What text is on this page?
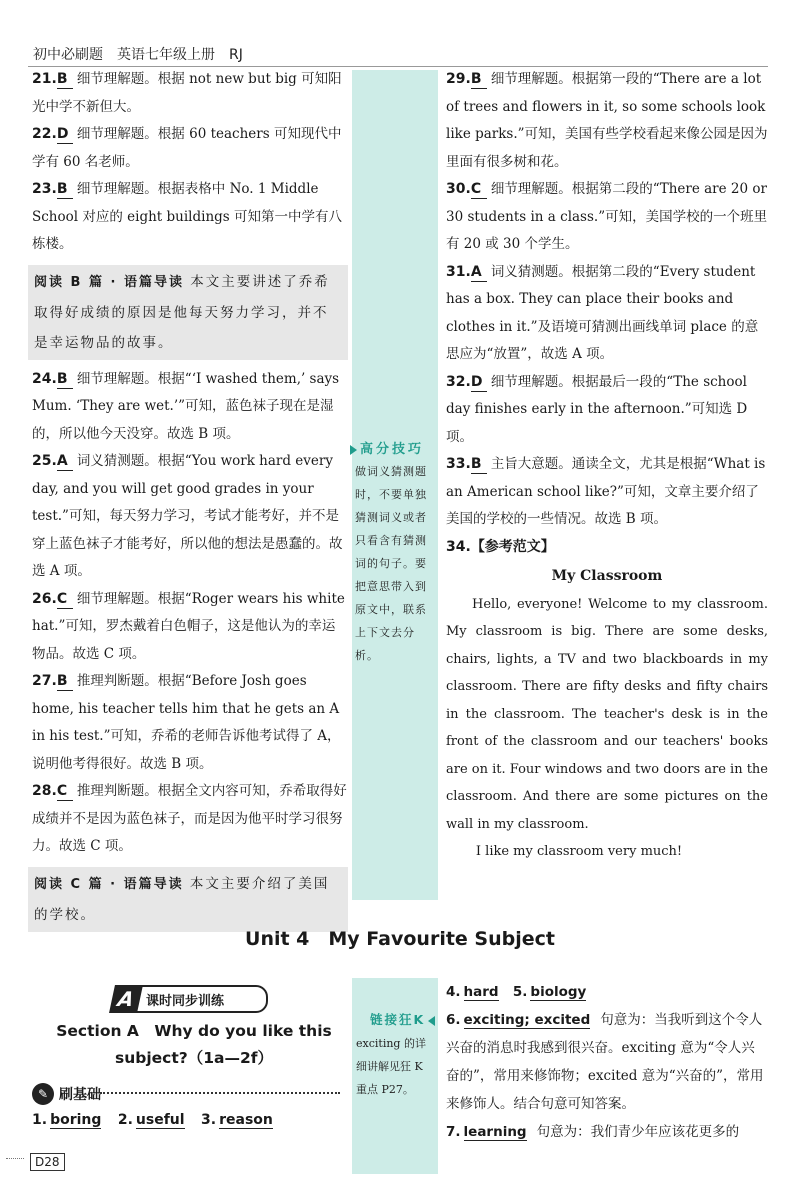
初中必刷题　英语七年级上册　RJ
高分技巧
做词义猜测题时，不要单独猜测词义或者只看含有猜测词的句子。要把意思带入到原文中，联系上下文去分析。

21.B 细节理解题。根据 not new but big 可知阳光中学不新但大。

22.D 细节理解题。根据 60 teachers 可知现代中学有 60 名老师。

23.B 细节理解题。根据表格中 No. 1 Middle School 对应的 eight buildings 可知第一中学有八栋楼。

阅读 B 篇 · 语篇导读 本文主要讲述了乔希取得好成绩的原因是他每天努力学习，并不是幸运物品的故事。

24.B 细节理解题。根据“‘I washed them,’ says Mum. ‘They are wet.’”可知，蓝色袜子现在是湿的，所以他今天没穿。故选 B 项。

25.A 词义猜测题。根据“You work hard every day, and you will get good grades in your test.”可知，每天努力学习，考试才能考好，并不是穿上蓝色袜子才能考好，所以他的想法是愚蠢的。故选 A 项。

26.C 细节理解题。根据“Roger wears his white hat.”可知，罗杰戴着白色帽子，这是他认为的幸运物品。故选 C 项。

27.B 推理判断题。根据“Before Josh goes home, his teacher tells him that he gets an A in his test.”可知，乔希的老师告诉他考试得了 A，说明他考得很好。故选 B 项。

28.C 推理判断题。根据全文内容可知，乔希取得好成绩并不是因为蓝色袜子，而是因为他平时学习很努力。故选 C 项。

阅读 C 篇 · 语篇导读 本文主要介绍了美国的学校。

29.B 细节理解题。根据第一段的“There are a lot of trees and flowers in it, so some schools look like parks.”可知，美国有些学校看起来像公园是因为里面有很多树和花。

30.C 细节理解题。根据第二段的“There are 20 or 30 students in a class.”可知，美国学校的一个班里有 20 或 30 个学生。

31.A 词义猜测题。根据第二段的“Every student has a box. They can place their books and clothes in it.”及语境可猜测出画线单词 place 的意思应为“放置”，故选 A 项。

32.D 细节理解题。根据最后一段的“The school day finishes early in the afternoon.”可知选 D 项。

33.B 主旨大意题。通读全文，尤其是根据“What is an American school like?”可知，文章主要介绍了美国的学校的一些情况。故选 B 项。

34.【参考范文】

My Classroom

Hello, everyone! Welcome to my classroom. My classroom is big. There are some desks, chairs, lights, a TV and two blackboards in my classroom. There are fifty desks and fifty chairs in the classroom. The teacher's desk is in the front of the classroom and our teachers' books are on it. Four windows and two doors are in the classroom. And there are some pictures on the wall in my classroom.

I like my classroom very much!

Unit 4　My Favourite Subject
A 课时同步训练
Section A　Why do you like this
subject?（1a—2f）
✎ 刷基础
1. boring 2. useful 3. reason
链接狂K
exciting 的详细讲解见狂 K 重点 P27。
4. hard 5. biology
6. exciting; excited 句意为：当我听到这个令人兴奋的消息时我感到很兴奋。exciting 意为“令人兴奋的”，常用来修饰物；excited 意为“兴奋的”，常用来修饰人。结合句意可知答案。
7. learning 句意为：我们青少年应该花更多的
D28
